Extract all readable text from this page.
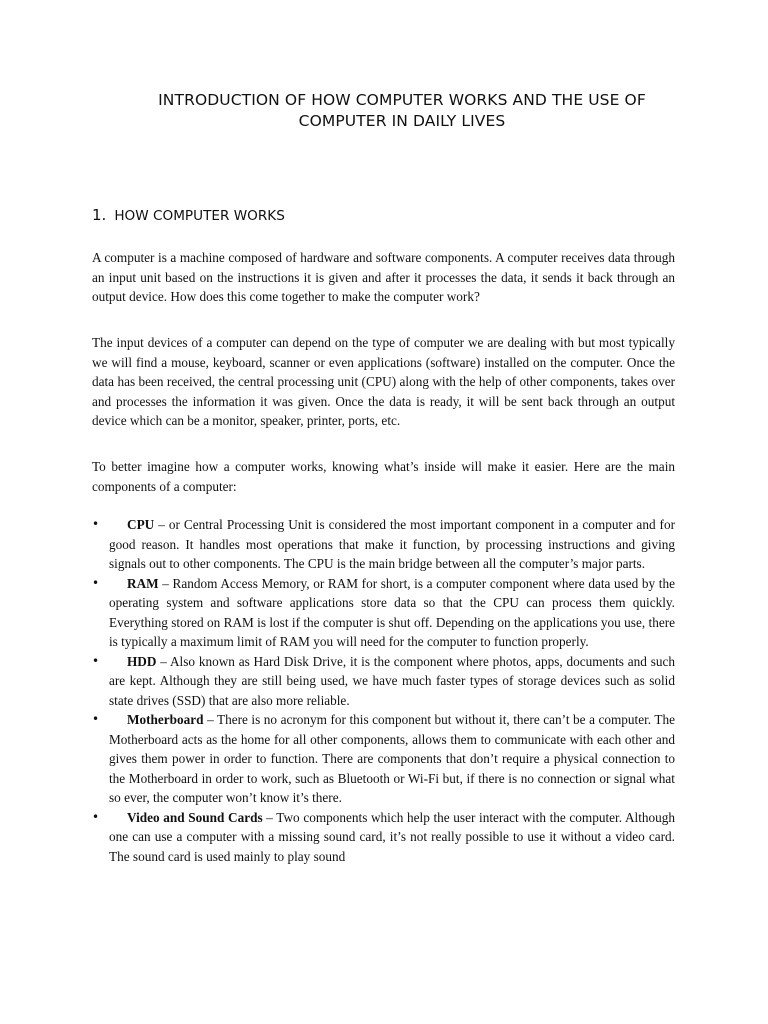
INTRODUCTION OF HOW COMPUTER WORKS AND THE USE OF
COMPUTER IN DAILY LIVES
1. HOW COMPUTER WORKS

A computer is a machine composed of hardware and software components. A computer receives data through an input unit based on the instructions it is given and after it processes the data, it sends it back through an output device. How does this come together to make the computer work?

The input devices of a computer can depend on the type of computer we are dealing with but most typically we will find a mouse, keyboard, scanner or even applications (software) installed on the computer. Once the data has been received, the central processing unit (CPU) along with the help of other components, takes over and processes the information it was given. Once the data is ready, it will be sent back through an output device which can be a monitor, speaker, printer, ports, etc.

To better imagine how a computer works, knowing what’s inside will make it easier. Here are the main components of a computer:

• CPU – or Central Processing Unit is considered the most important component in a computer and for good reason. It handles most operations that make it function, by processing instructions and giving signals out to other components. The CPU is the main bridge between all the computer’s major parts.
• RAM – Random Access Memory, or RAM for short, is a computer component where data used by the operating system and software applications store data so that the CPU can process them quickly. Everything stored on RAM is lost if the computer is shut off. Depending on the applications you use, there is typically a maximum limit of RAM you will need for the computer to function properly.
• HDD – Also known as Hard Disk Drive, it is the component where photos, apps, documents and such are kept. Although they are still being used, we have much faster types of storage devices such as solid state drives (SSD) that are also more reliable.
• Motherboard – There is no acronym for this component but without it, there can’t be a computer. The Motherboard acts as the home for all other components, allows them to communicate with each other and gives them power in order to function. There are components that don’t require a physical connection to the Motherboard in order to work, such as Bluetooth or Wi-Fi but, if there is no connection or signal what so ever, the computer won’t know it’s there.
• Video and Sound Cards – Two components which help the user interact with the computer. Although one can use a computer with a missing sound card, it’s not really possible to use it without a video card. The sound card is used mainly to play sound
